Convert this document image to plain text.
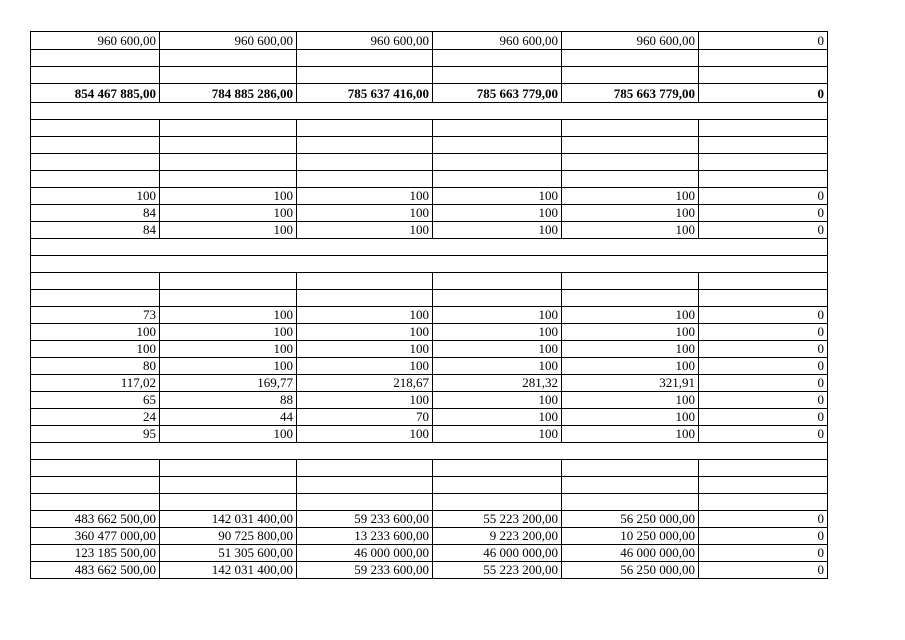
960 600,00	960 600,00	960 600,00	960 600,00	960 600,00	0

854 467 885,00	784 885 286,00	785 637 416,00	785 663 779,00	785 663 779,00	0

100	100	100	100	100	0
84	100	100	100	100	0
84	100	100	100	100	0

73	100	100	100	100	0
100	100	100	100	100	0
100	100	100	100	100	0
80	100	100	100	100	0
117,02	169,77	218,67	281,32	321,91	0
65	88	100	100	100	0
24	44	70	100	100	0
95	100	100	100	100	0

483 662 500,00	142 031 400,00	59 233 600,00	55 223 200,00	56 250 000,00	0
360 477 000,00	90 725 800,00	13 233 600,00	9 223 200,00	10 250 000,00	0
123 185 500,00	51 305 600,00	46 000 000,00	46 000 000,00	46 000 000,00	0
483 662 500,00	142 031 400,00	59 233 600,00	55 223 200,00	56 250 000,00	0
